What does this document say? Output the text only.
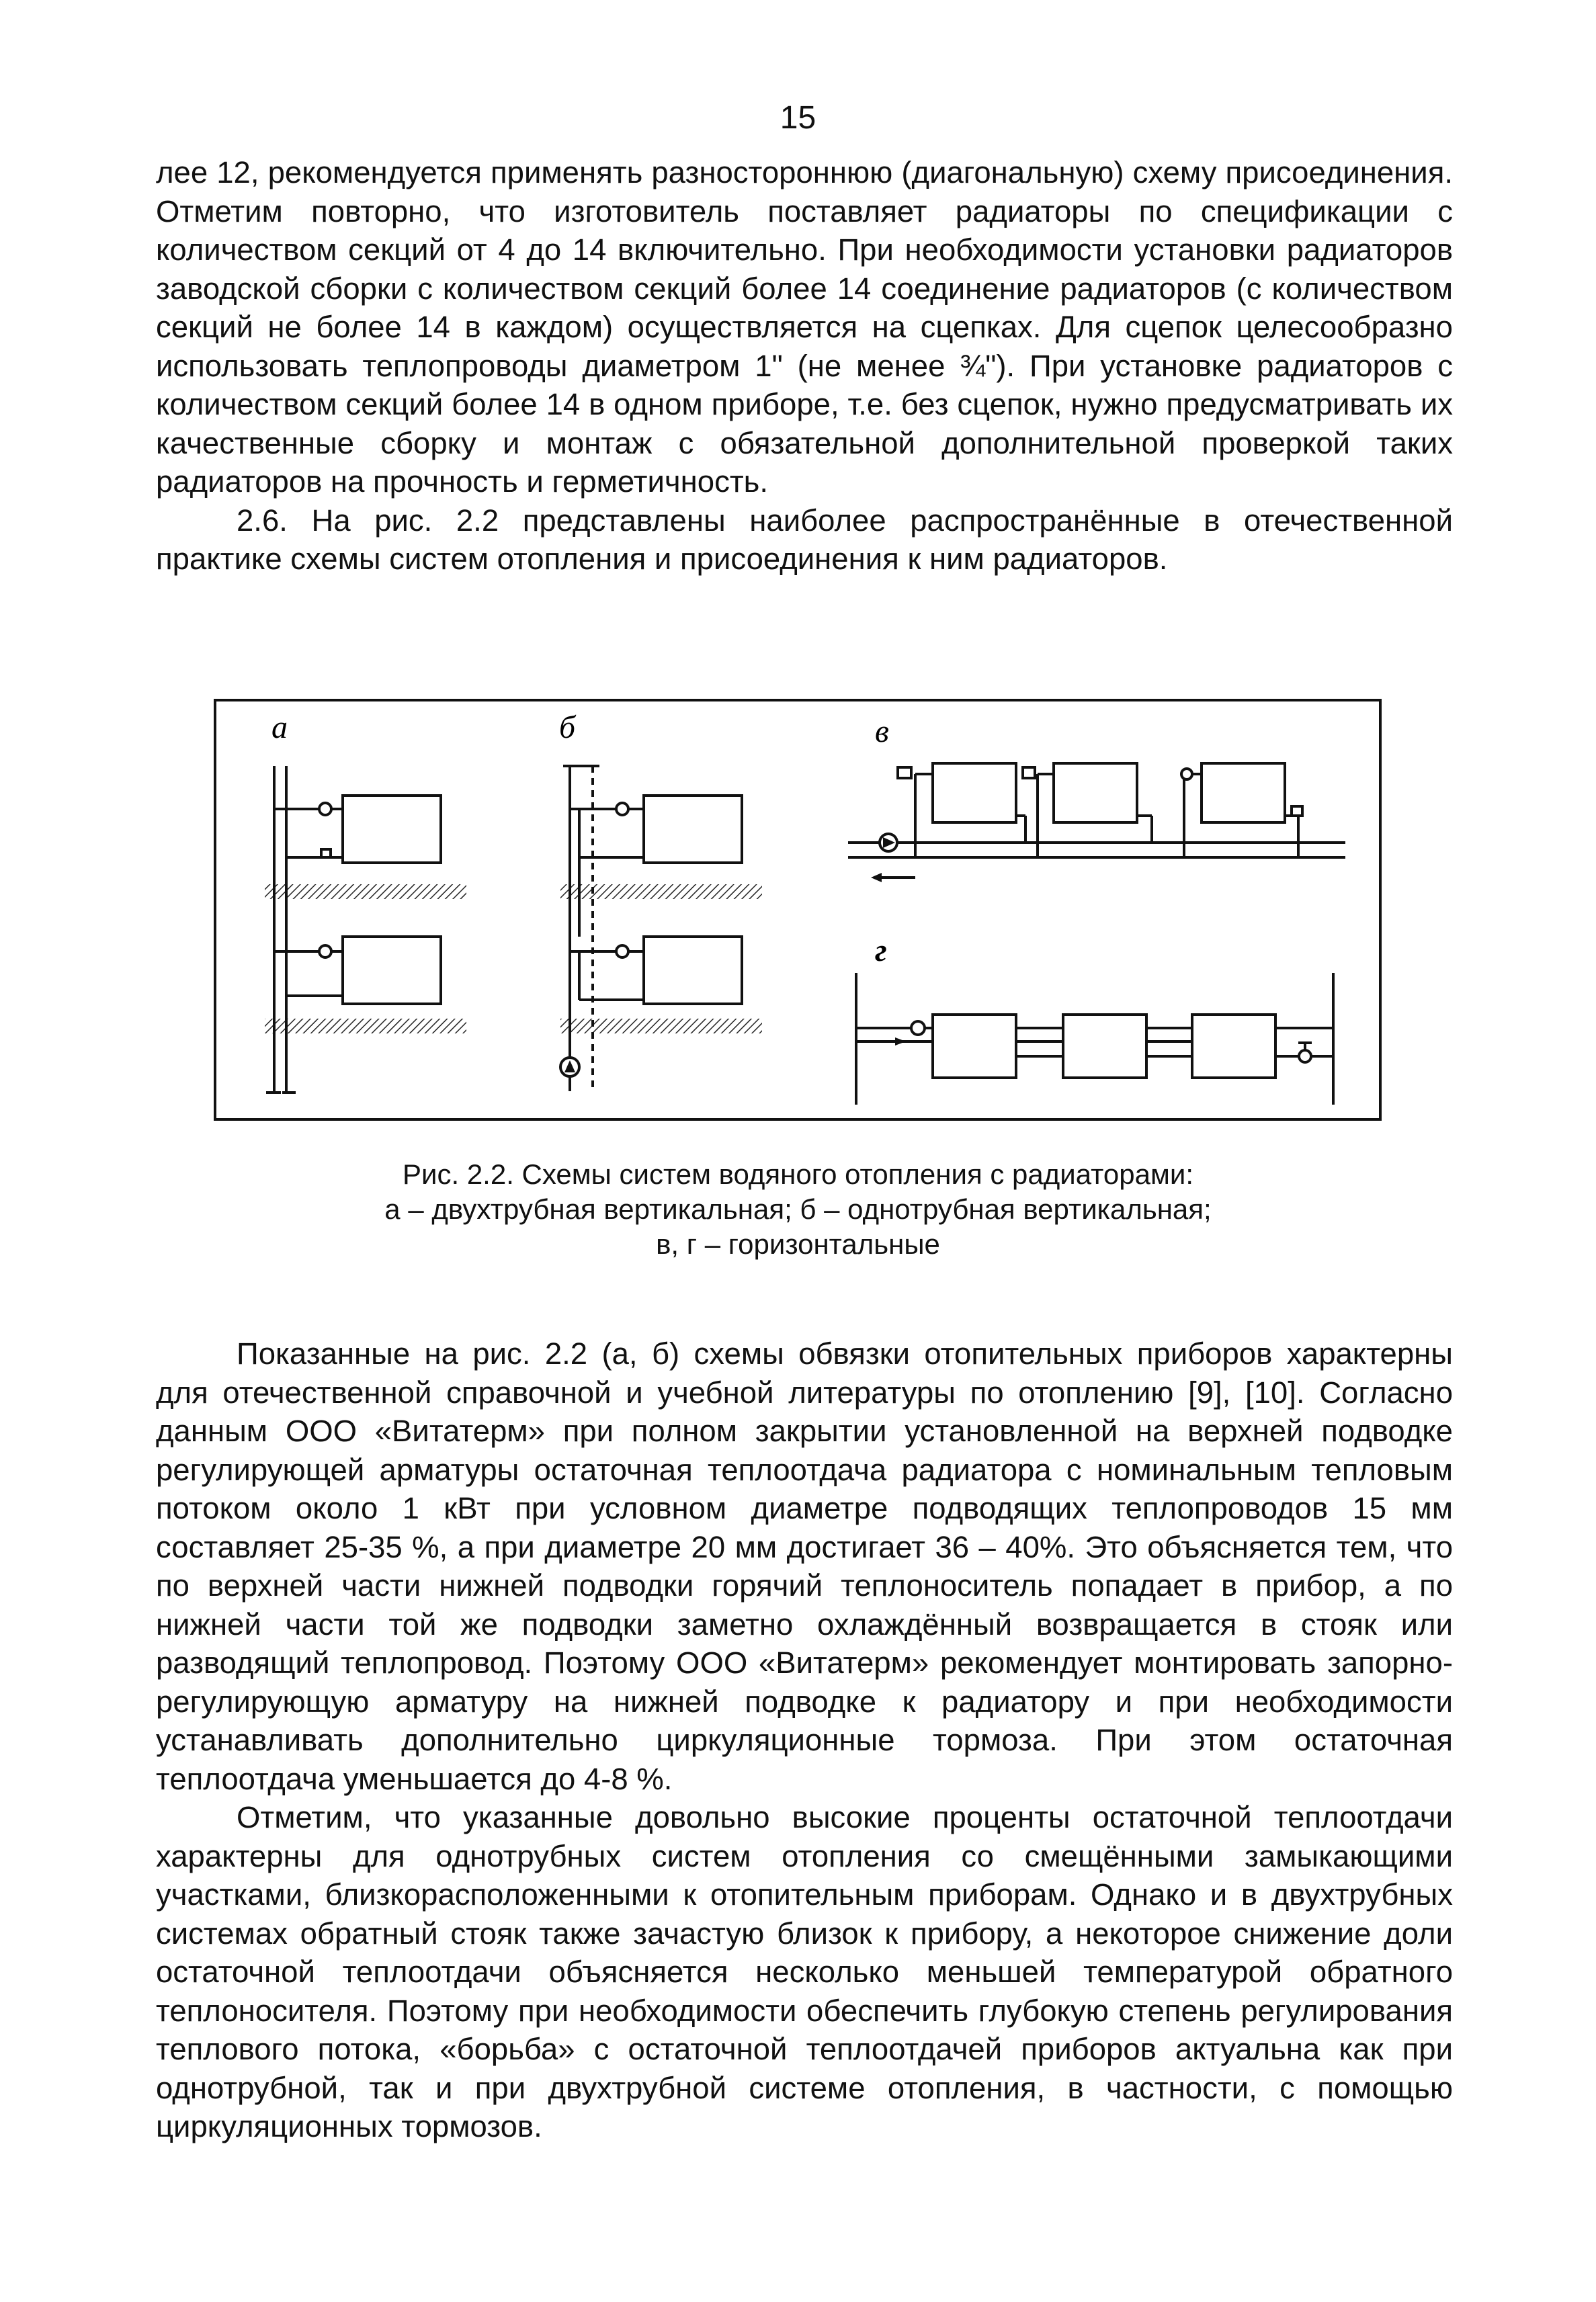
15

лее 12, рекомендуется применять разностороннюю (диагональную) схему присоединения. Отметим повторно, что изготовитель поставляет радиаторы по спецификации с количеством секций от 4 до 14 включительно. При необходимости установки радиаторов заводской сборки с количеством секций более 14 соединение радиаторов (с количеством секций не более 14 в каждом) осуществляется на сцепках. Для сцепок целесообразно использовать теплопроводы диаметром 1" (не менее ¾"). При установке радиаторов с количеством секций более 14 в одном приборе, т.е. без сцепок, нужно предусматривать их качественные сборку и монтаж с обязательной дополнительной проверкой таких радиаторов на прочность и герметичность.

2.6. На рис. 2.2 представлены наиболее распространённые в отечественной практике схемы систем отопления и присоединения к ним радиаторов.

а	б	в
г
Рис. 2.2. Схемы систем водяного отопления с радиаторами:
а – двухтрубная вертикальная; б – однотрубная вертикальная;
в, г – горизонтальные

Показанные на рис. 2.2 (а, б) схемы обвязки отопительных приборов характерны для отечественной справочной и учебной литературы по отоплению [9], [10]. Согласно данным ООО «Витатерм» при полном закрытии установленной на верхней подводке регулирующей арматуры остаточная теплоотдача радиатора с номинальным тепловым потоком около 1 кВт при условном диаметре подводящих теплопроводов 15 мм составляет 25-35 %, а при диаметре 20 мм достигает 36 – 40%. Это объясняется тем, что по верхней части нижней подводки горячий теплоноситель попадает в прибор, а по нижней части той же подводки заметно охлаждённый возвращается в стояк или разводящий теплопровод. Поэтому ООО «Витатерм» рекомендует монтировать запорно-регулирующую арматуру на нижней подводке к радиатору и при необходимости устанавливать дополнительно циркуляционные тормоза. При этом остаточная теплоотдача уменьшается до 4-8 %.

Отметим, что указанные довольно высокие проценты остаточной теплоотдачи характерны для однотрубных систем отопления со смещёнными замыкающими участками, близкорасположенными к отопительным приборам. Однако и в двухтрубных системах обратный стояк также зачастую близок к прибору, а некоторое снижение доли остаточной теплоотдачи объясняется несколько меньшей температурой обратного теплоносителя. Поэтому при необходимости обеспечить глубокую степень регулирования теплового потока, «борьба» с остаточной теплоотдачей приборов актуальна как при однотрубной, так и при двухтрубной системе отопления, в частности, с помощью циркуляционных тормозов.
